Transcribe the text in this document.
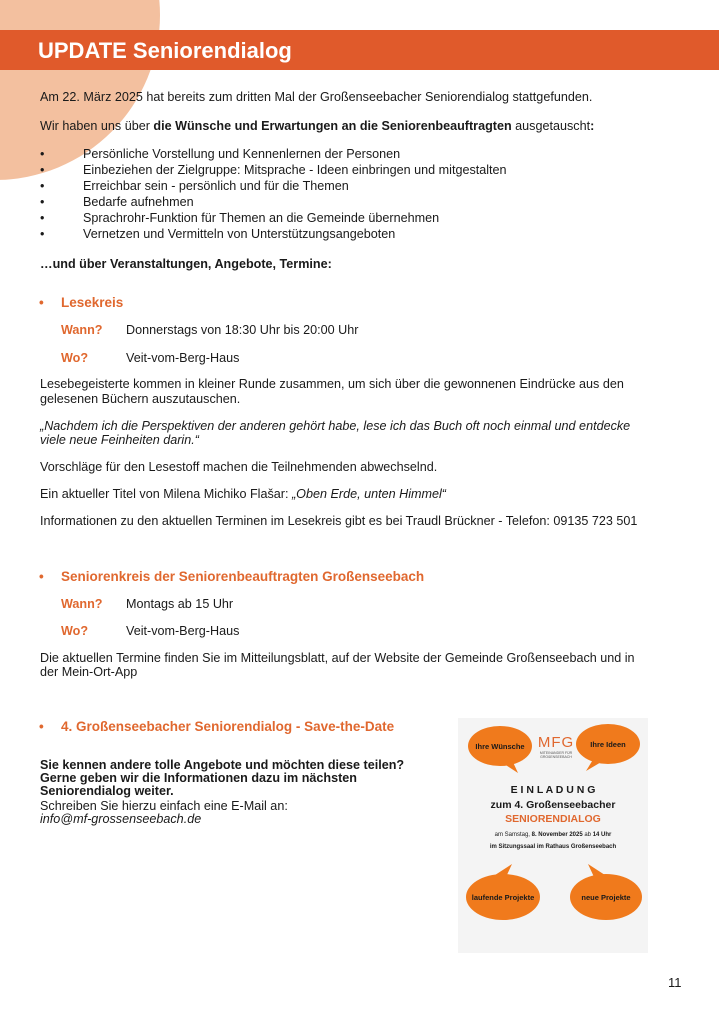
UPDATE Seniorendialog
Am 22. März 2025 hat bereits zum dritten Mal der Großenseebacher Seniorendialog stattgefunden.
Wir haben uns über die Wünsche und Erwartungen an die Seniorenbeauftragten ausgetauscht:
•	Persönliche Vorstellung und Kennenlernen der Personen
•	Einbeziehen der Zielgruppe: Mitsprache - Ideen einbringen und mitgestalten
•	Erreichbar sein - persönlich und für die Themen
•	Bedarfe aufnehmen
•	Sprachrohr-Funktion für Themen an die Gemeinde übernehmen
•	Vernetzen und Vermitteln von Unterstützungsangeboten
…und über Veranstaltungen, Angebote, Termine:
• Lesekreis
Wann? Donnerstags von 18:30 Uhr bis 20:00 Uhr
Wo?	Veit-vom-Berg-Haus
Lesebegeisterte kommen in kleiner Runde zusammen, um sich über die gewonnenen Eindrücke aus den
gelesenen Büchern auszutauschen.
„Nachdem ich die Perspektiven der anderen gehört habe, lese ich das Buch oft noch einmal und entdecke
viele neue Feinheiten darin.“
Vorschläge für den Lesestoff machen die Teilnehmenden abwechselnd.
Ein aktueller Titel von Milena Michiko Flašar: „Oben Erde, unten Himmel“
Informationen zu den aktuellen Terminen im Lesekreis gibt es bei Traudl Brückner - Telefon: 09135 723 501
• Seniorenkreis der Seniorenbeauftragten Großenseebach
Wann? Montags ab 15 Uhr
Wo?	Veit-vom-Berg-Haus
Die aktuellen Termine finden Sie im Mitteilungsblatt, auf der Website der Gemeinde Großenseebach und in
der Mein-Ort-App
• 4. Großenseebacher Seniorendialog - Save-the-Date
Sie kennen andere tolle Angebote und möchten diese teilen?
Gerne geben wir die Informationen dazu im nächsten
Seniorendialog weiter.
Schreiben Sie hierzu einfach eine E-Mail an:
info@mf-grossenseebach.de
Ihre Wünsche MFG
MITEINANDER FÜR GROßENSEEBACH
Ihre Ideen
E I N L A D U N G
zum 4. Großenseebacher
SENIORENDIALOG
am Samstag, 8. November 2025 ab 14 Uhr
im Sitzungssaal im Rathaus Großenseebach
laufende Projekte	neue Projekte
11
